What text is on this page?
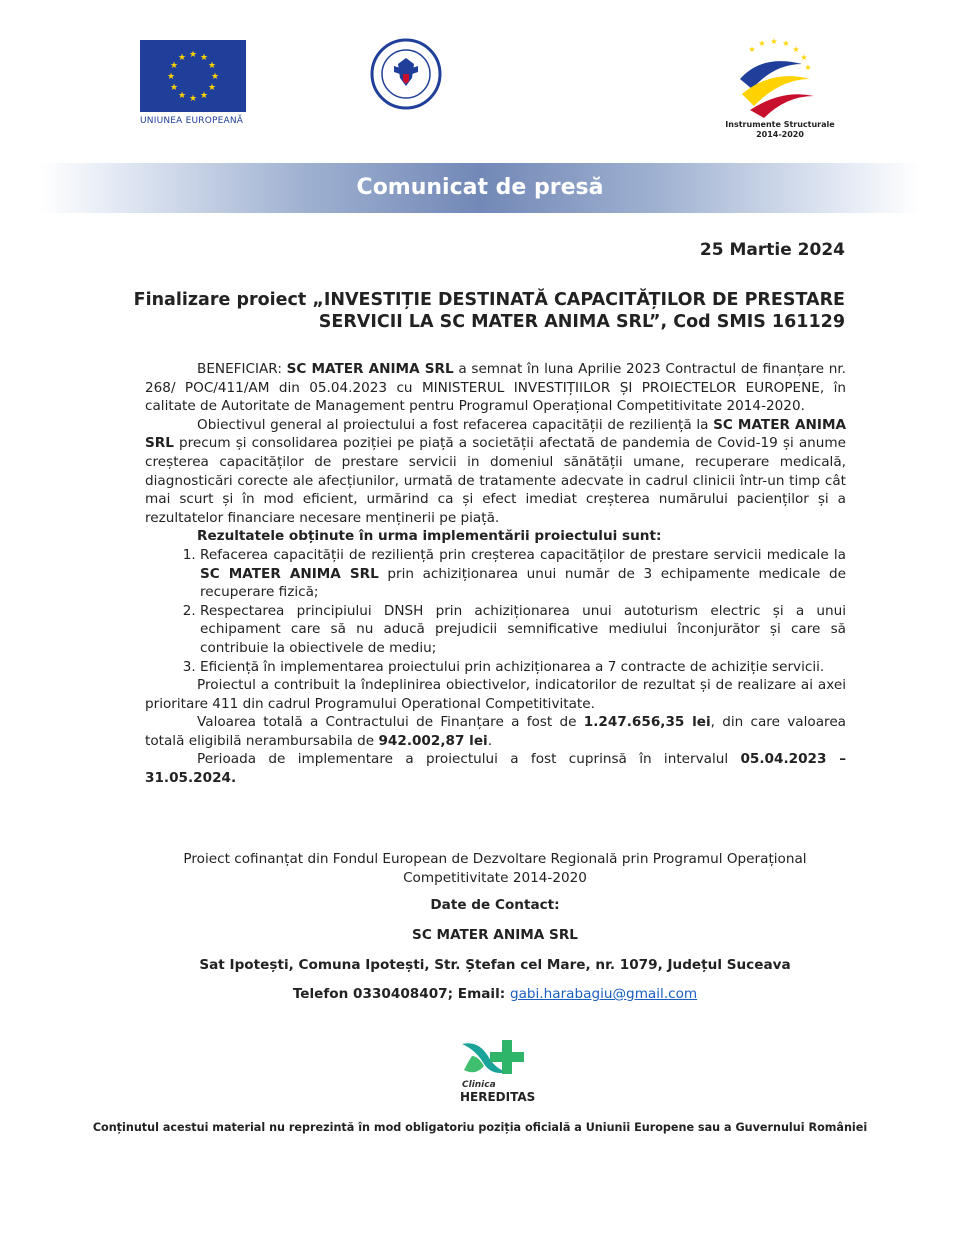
★ ★
★
★
★
★
★
★
★
★
★
★
UNIUNEA EUROPEANĂ
★ ★
★
★
★
★
★
Instrumente Structurale
2014-2020
Comunicat de presă
25 Martie 2024
Finalizare proiect „INVESTIȚIE DESTINATĂ CAPACITĂȚILOR DE PRESTARE
SERVICII LA SC MATER ANIMA SRL”, Cod SMIS 161129

BENEFICIAR: SC MATER ANIMA SRL a semnat în luna Aprilie 2023 Contractul de finanțare nr. 268/ POC/411/AM din 05.04.2023 cu MINISTERUL INVESTIȚIILOR ȘI PROIECTELOR EUROPENE, în calitate de Autoritate de Management pentru Programul Operațional Competitivitate 2014-2020.

Obiectivul general al proiectului a fost refacerea capacității de reziliență la SC MATER ANIMA SRL precum și consolidarea poziției pe piață a societății afectată de pandemia de Covid-19 și anume creșterea capacităților de prestare servicii in domeniul sănătății umane, recuperare medicală, diagnosticări corecte ale afecțiunilor, urmată de tratamente adecvate in cadrul clinicii într-un timp cât mai scurt și în mod eficient, urmărind ca și efect imediat creșterea numărului pacienților și a rezultatelor financiare necesare menținerii pe piață.

Rezultatele obținute în urma implementării proiectului sunt:

1. Refacerea capacității de reziliență prin creșterea capacităților de prestare servicii medicale la SC MATER ANIMA SRL prin achiziționarea unui număr de 3 echipamente medicale de recuperare fizică;
2. Respectarea principiului DNSH prin achiziționarea unui autoturism electric și a unui echipament care să nu aducă prejudicii semnificative mediului înconjurător și care să contribuie la obiectivele de mediu;
3. Eficiență în implementarea proiectului prin achiziționarea a 7 contracte de achiziție servicii.

Proiectul a contribuit la îndeplinirea obiectivelor, indicatorilor de rezultat și de realizare ai axei prioritare 411 din cadrul Programului Operational Competitivitate.

Valoarea totală a Contractului de Finanțare a fost de 1.247.656,35 lei, din care valoarea totală eligibilă nerambursabila de 942.002,87 lei.

Perioada de implementare a proiectului a fost cuprinsă în intervalul 05.04.2023 – 31.05.2024.

Proiect cofinanțat din Fondul European de Dezvoltare Regională prin Programul Operațional
Competitivitate 2014-2020
Date de Contact:
SC MATER ANIMA SRL
Sat Ipotești, Comuna Ipotești, Str. Ștefan cel Mare, nr. 1079, Județul Suceava
Telefon 0330408407; Email: gabi.harabagiu@gmail.com
Clinica
HEREDITAS
Conținutul acestui material nu reprezintă în mod obligatoriu poziția oficială a Uniunii Europene sau a Guvernului României
